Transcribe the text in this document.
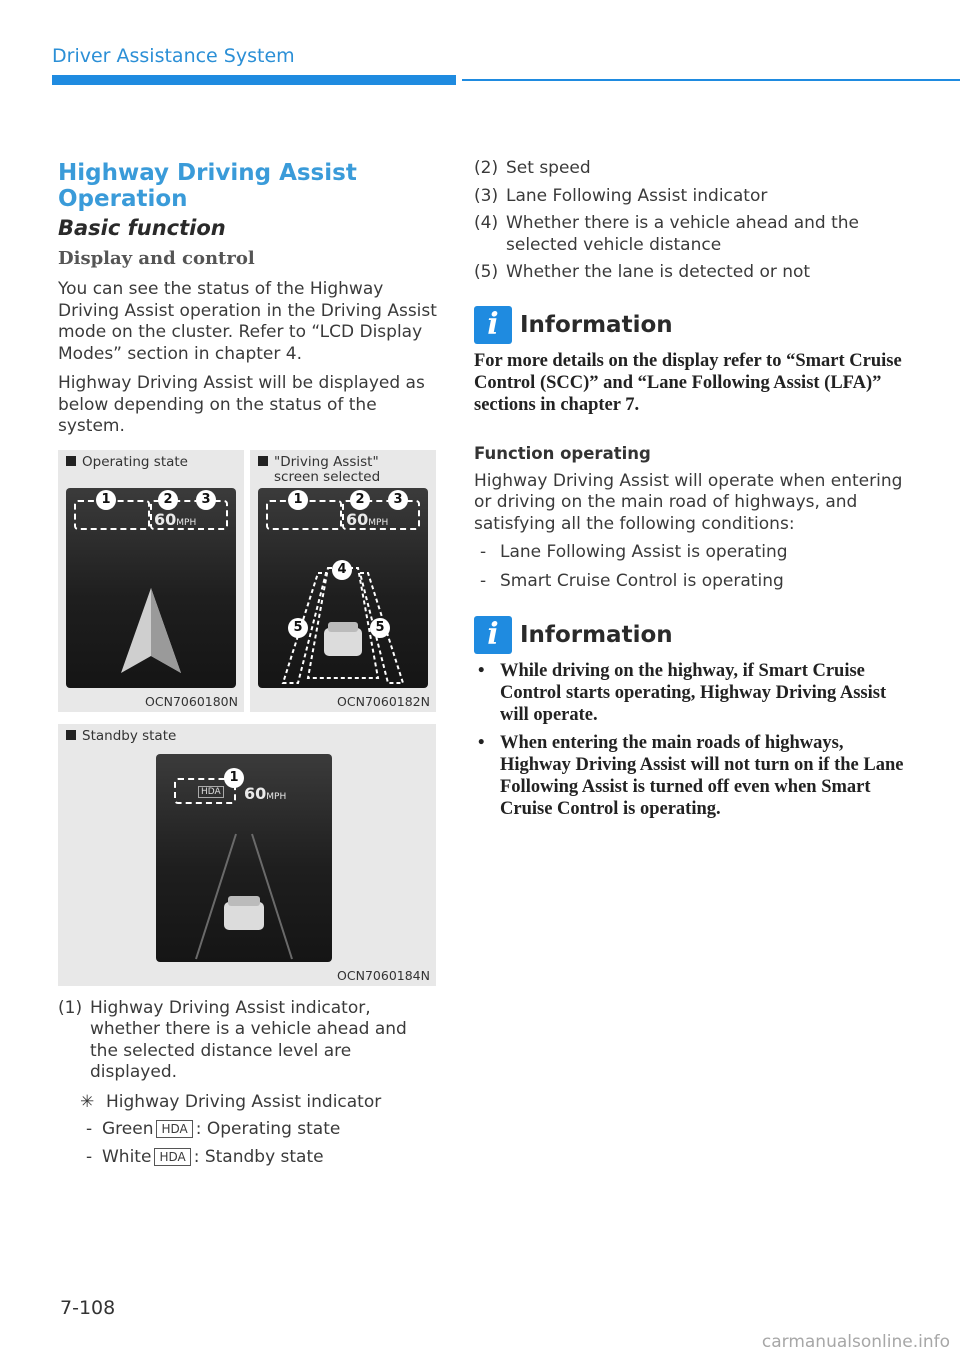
Driver Assistance System
Highway Driving Assist
Operation
Basic function
Display and control
You can see the status of the Highway Driving Assist operation in the Driving Assist mode on the cluster. Refer to “LCD Display Modes” section in chapter 4.
Highway Driving Assist will be displayed as below depending on the status of the system.
Operating state
1	2	3
60MPH
OCN7060180N
"Driving Assist"
screen selected
1	2	3
60MPH
4
5	5
OCN7060182N
Standby state
1
HDA 60MPH
OCN7060184N
(1) Highway Driving Assist indicator, whether there is a vehicle ahead and the selected distance level are displayed.
✳ Highway Driving Assist indicator
- Green HDA : Operating state
- White HDA : Standby state
(2) Set speed
(3) Lane Following Assist indicator
(4) Whether there is a vehicle ahead and the selected vehicle distance
(5) Whether the lane is detected or not
i Information
For more details on the display refer to “Smart Cruise Control (SCC)” and “Lane Following Assist (LFA)” sections in chapter 7.
Function operating
Highway Driving Assist will operate when entering or driving on the main road of highways, and satisfying all the following conditions:
- Lane Following Assist is operating
- Smart Cruise Control is operating
i Information
• While driving on the highway, if Smart Cruise Control starts operating, Highway Driving Assist will operate.
• When entering the main roads of highways, Highway Driving Assist will not turn on if the Lane Following Assist is turned off even when Smart Cruise Control is operating.
7-108
carmanualsonline.info
